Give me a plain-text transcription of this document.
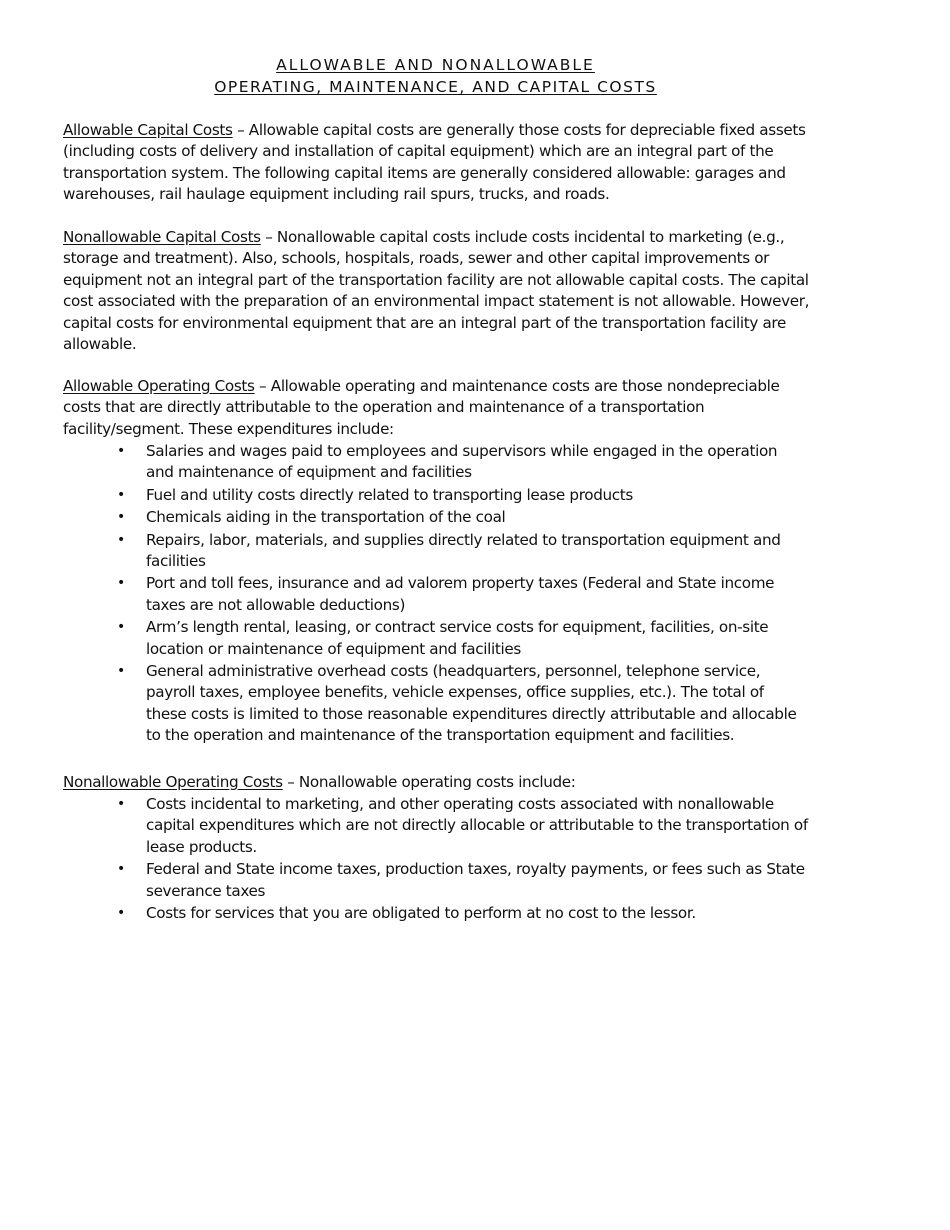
ALLOWABLE AND NONALLOWABLE
OPERATING, MAINTENANCE, AND CAPITAL COSTS

Allowable Capital Costs – Allowable capital costs are generally those costs for depreciable fixed assets (including costs of delivery and installation of capital equipment) which are an integral part of the transportation system. The following capital items are generally considered allowable: garages and warehouses, rail haulage equipment including rail spurs, trucks, and roads.

Nonallowable Capital Costs – Nonallowable capital costs include costs incidental to marketing (e.g., storage and treatment). Also, schools, hospitals, roads, sewer and other capital improvements or equipment not an integral part of the transportation facility are not allowable capital costs. The capital cost associated with the preparation of an environmental impact statement is not allowable. However, capital costs for environmental equipment that are an integral part of the transportation facility are allowable.

Allowable Operating Costs – Allowable operating and maintenance costs are those nondepreciable costs that are directly attributable to the operation and maintenance of a transportation facility/segment. These expenditures include:

• Salaries and wages paid to employees and supervisors while engaged in the operation and maintenance of equipment and facilities
• Fuel and utility costs directly related to transporting lease products
• Chemicals aiding in the transportation of the coal
• Repairs, labor, materials, and supplies directly related to transportation equipment and facilities
• Port and toll fees, insurance and ad valorem property taxes (Federal and State income taxes are not allowable deductions)
• Arm’s length rental, leasing, or contract service costs for equipment, facilities, on-site location or maintenance of equipment and facilities
• General administrative overhead costs (headquarters, personnel, telephone service, payroll taxes, employee benefits, vehicle expenses, office supplies, etc.). The total of these costs is limited to those reasonable expenditures directly attributable and allocable to the operation and maintenance of the transportation equipment and facilities.

Nonallowable Operating Costs – Nonallowable operating costs include:

• Costs incidental to marketing, and other operating costs associated with nonallowable capital expenditures which are not directly allocable or attributable to the transportation of lease products.
• Federal and State income taxes, production taxes, royalty payments, or fees such as State severance taxes
• Costs for services that you are obligated to perform at no cost to the lessor.
